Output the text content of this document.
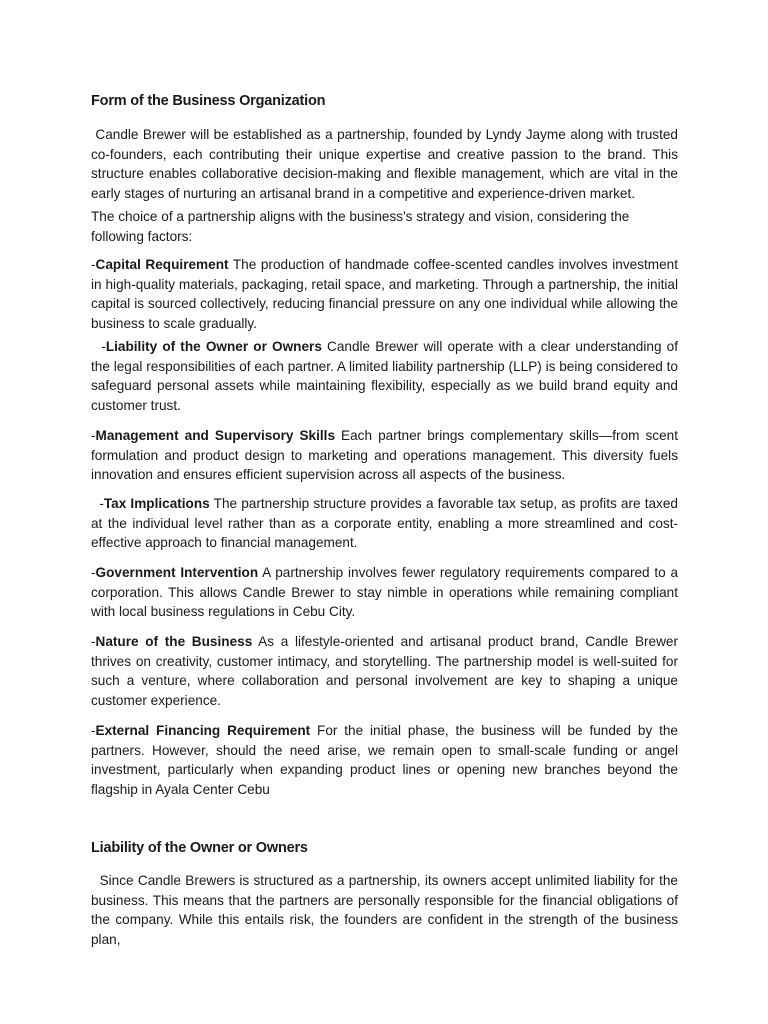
Form of the Business Organization

Candle Brewer will be established as a partnership, founded by Lyndy Jayme along with trusted co-founders, each contributing their unique expertise and creative passion to the brand. This structure enables collaborative decision-making and flexible management, which are vital in the early stages of nurturing an artisanal brand in a competitive and experience-driven market.

The choice of a partnership aligns with the business's strategy and vision, considering the following factors:

-Capital Requirement The production of handmade coffee-scented candles involves investment in high-quality materials, packaging, retail space, and marketing. Through a partnership, the initial capital is sourced collectively, reducing financial pressure on any one individual while allowing the business to scale gradually.

-Liability of the Owner or Owners Candle Brewer will operate with a clear understanding of the legal responsibilities of each partner. A limited liability partnership (LLP) is being considered to safeguard personal assets while maintaining flexibility, especially as we build brand equity and customer trust.

-Management and Supervisory Skills Each partner brings complementary skills—from scent formulation and product design to marketing and operations management. This diversity fuels innovation and ensures efficient supervision across all aspects of the business.

-Tax Implications The partnership structure provides a favorable tax setup, as profits are taxed at the individual level rather than as a corporate entity, enabling a more streamlined and cost-effective approach to financial management.

-Government Intervention A partnership involves fewer regulatory requirements compared to a corporation. This allows Candle Brewer to stay nimble in operations while remaining compliant with local business regulations in Cebu City.

-Nature of the Business As a lifestyle-oriented and artisanal product brand, Candle Brewer thrives on creativity, customer intimacy, and storytelling. The partnership model is well-suited for such a venture, where collaboration and personal involvement are key to shaping a unique customer experience.

-External Financing Requirement For the initial phase, the business will be funded by the partners. However, should the need arise, we remain open to small-scale funding or angel investment, particularly when expanding product lines or opening new branches beyond the flagship in Ayala Center Cebu

Liability of the Owner or Owners

Since Candle Brewers is structured as a partnership, its owners accept unlimited liability for the business. This means that the partners are personally responsible for the financial obligations of the company. While this entails risk, the founders are confident in the strength of the business plan,
